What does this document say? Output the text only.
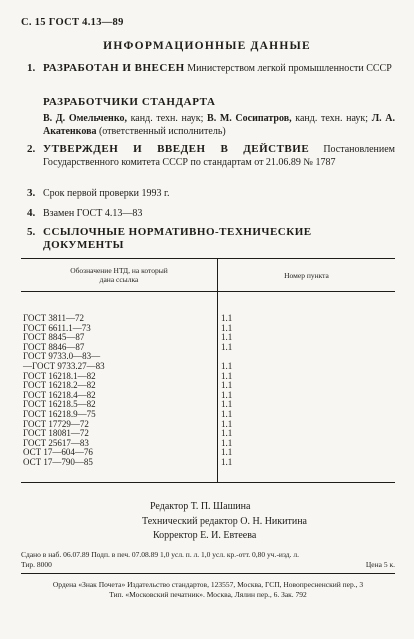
С. 15 ГОСТ 4.13—89
ИНФОРМАЦИОННЫЕ ДАННЫЕ
1. РАЗРАБОТАН И ВНЕСЕН Министерством легкой промышленности СССР
РАЗРАБОТЧИКИ СТАНДАРТА
В. Д. Омельченко, канд. техн. наук; В. М. Сосипатров, канд. техн. наук; Л. А. Акатенкова (ответственный исполнитель)
2. УТВЕРЖДЕН И ВВЕДЕН В ДЕЙСТВИЕ Постановлением Государственного комитета СССР по стандартам от 21.06.89 № 1787
3. Срок первой проверки 1993 г.
4. Взамен ГОСТ 4.13—83
5. ССЫЛОЧНЫЕ НОРМАТИВНО-ТЕХНИЧЕСКИЕ ДОКУМЕНТЫ
Обозначение НТД, на который
дана ссылка	Номер пункта

ГОСТ 3811—72	1.1
ГОСТ 6611.1—73	1.1
ГОСТ 8845—87	1.1
ГОСТ 8846—87	1.1
ГОСТ 9733.0—83—	
—ГОСТ 9733.27—83	1.1
ГОСТ 16218.1—82	1.1
ГОСТ 16218.2—82	1.1
ГОСТ 16218.4—82	1.1
ГОСТ 16218.5—82	1.1
ГОСТ 16218.9—75	1.1
ГОСТ 17729—72	1.1
ГОСТ 18081—72	1.1
ГОСТ 25617—83	1.1
ОСТ 17—604—76	1.1
ОСТ 17—790—85	1.1

Редактор Т. П. Шашина
Технический редактор О. Н. Никитина
Корректор Е. И. Евтеева
Сдано в наб. 06.07.89 Подп. в печ. 07.08.89 1,0 усл. п. л. 1,0 усл. кр.-отт. 0,80 уч.-изд. л.
Тир. 8000	Цена 5 к.
Ордена «Знак Почета» Издательство стандартов, 123557, Москва, ГСП, Новопресненский пер., 3
Тип. «Московский печатник». Москва, Лялин пер., 6. Зак. 792
